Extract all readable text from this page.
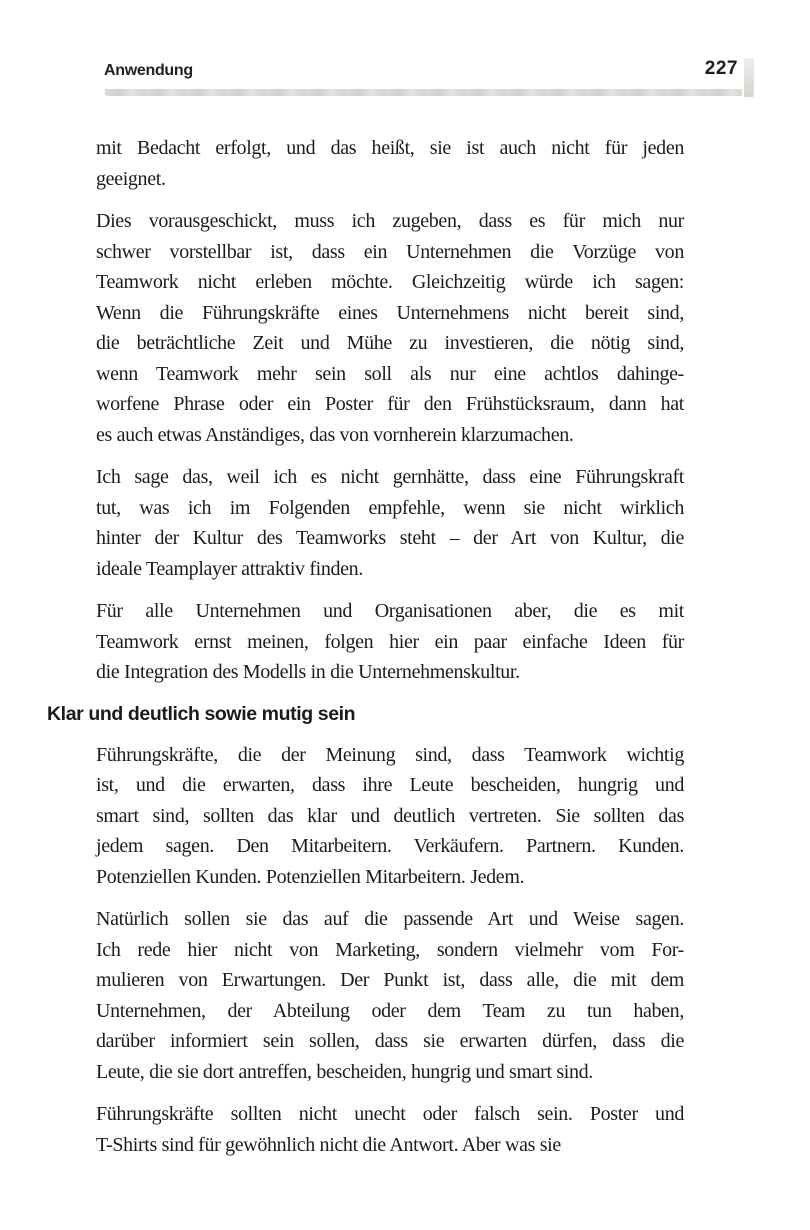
Anwendung	227
mit Bedacht erfolgt, und das heißt, sie ist auch nicht für jeden
geeignet.
Dies vorausgeschickt, muss ich zugeben, dass es für mich nur
schwer vorstellbar ist, dass ein Unternehmen die Vorzüge von
Teamwork nicht erleben möchte. Gleichzeitig würde ich sagen:
Wenn die Führungskräfte eines Unternehmens nicht bereit sind,
die beträchtliche Zeit und Mühe zu investieren, die nötig sind,
wenn Teamwork mehr sein soll als nur eine achtlos dahinge-
worfene Phrase oder ein Poster für den Frühstücksraum, dann hat
es auch etwas Anständiges, das von vornherein klarzumachen.
Ich sage das, weil ich es nicht gernhätte, dass eine Führungskraft
tut, was ich im Folgenden empfehle, wenn sie nicht wirklich
hinter der Kultur des Teamworks steht – der Art von Kultur, die
ideale Teamplayer attraktiv finden.
Für alle Unternehmen und Organisationen aber, die es mit
Teamwork ernst meinen, folgen hier ein paar einfache Ideen für
die Integration des Modells in die Unternehmenskultur.
Klar und deutlich sowie mutig sein
Führungskräfte, die der Meinung sind, dass Teamwork wichtig
ist, und die erwarten, dass ihre Leute bescheiden, hungrig und
smart sind, sollten das klar und deutlich vertreten. Sie sollten das
jedem sagen. Den Mitarbeitern. Verkäufern. Partnern. Kunden.
Potenziellen Kunden. Potenziellen Mitarbeitern. Jedem.
Natürlich sollen sie das auf die passende Art und Weise sagen.
Ich rede hier nicht von Marketing, sondern vielmehr vom For-
mulieren von Erwartungen. Der Punkt ist, dass alle, die mit dem
Unternehmen, der Abteilung oder dem Team zu tun haben,
darüber informiert sein sollen, dass sie erwarten dürfen, dass die
Leute, die sie dort antreffen, bescheiden, hungrig und smart sind.
Führungskräfte sollten nicht unecht oder falsch sein. Poster und
T-Shirts sind für gewöhnlich nicht die Antwort. Aber was sie
